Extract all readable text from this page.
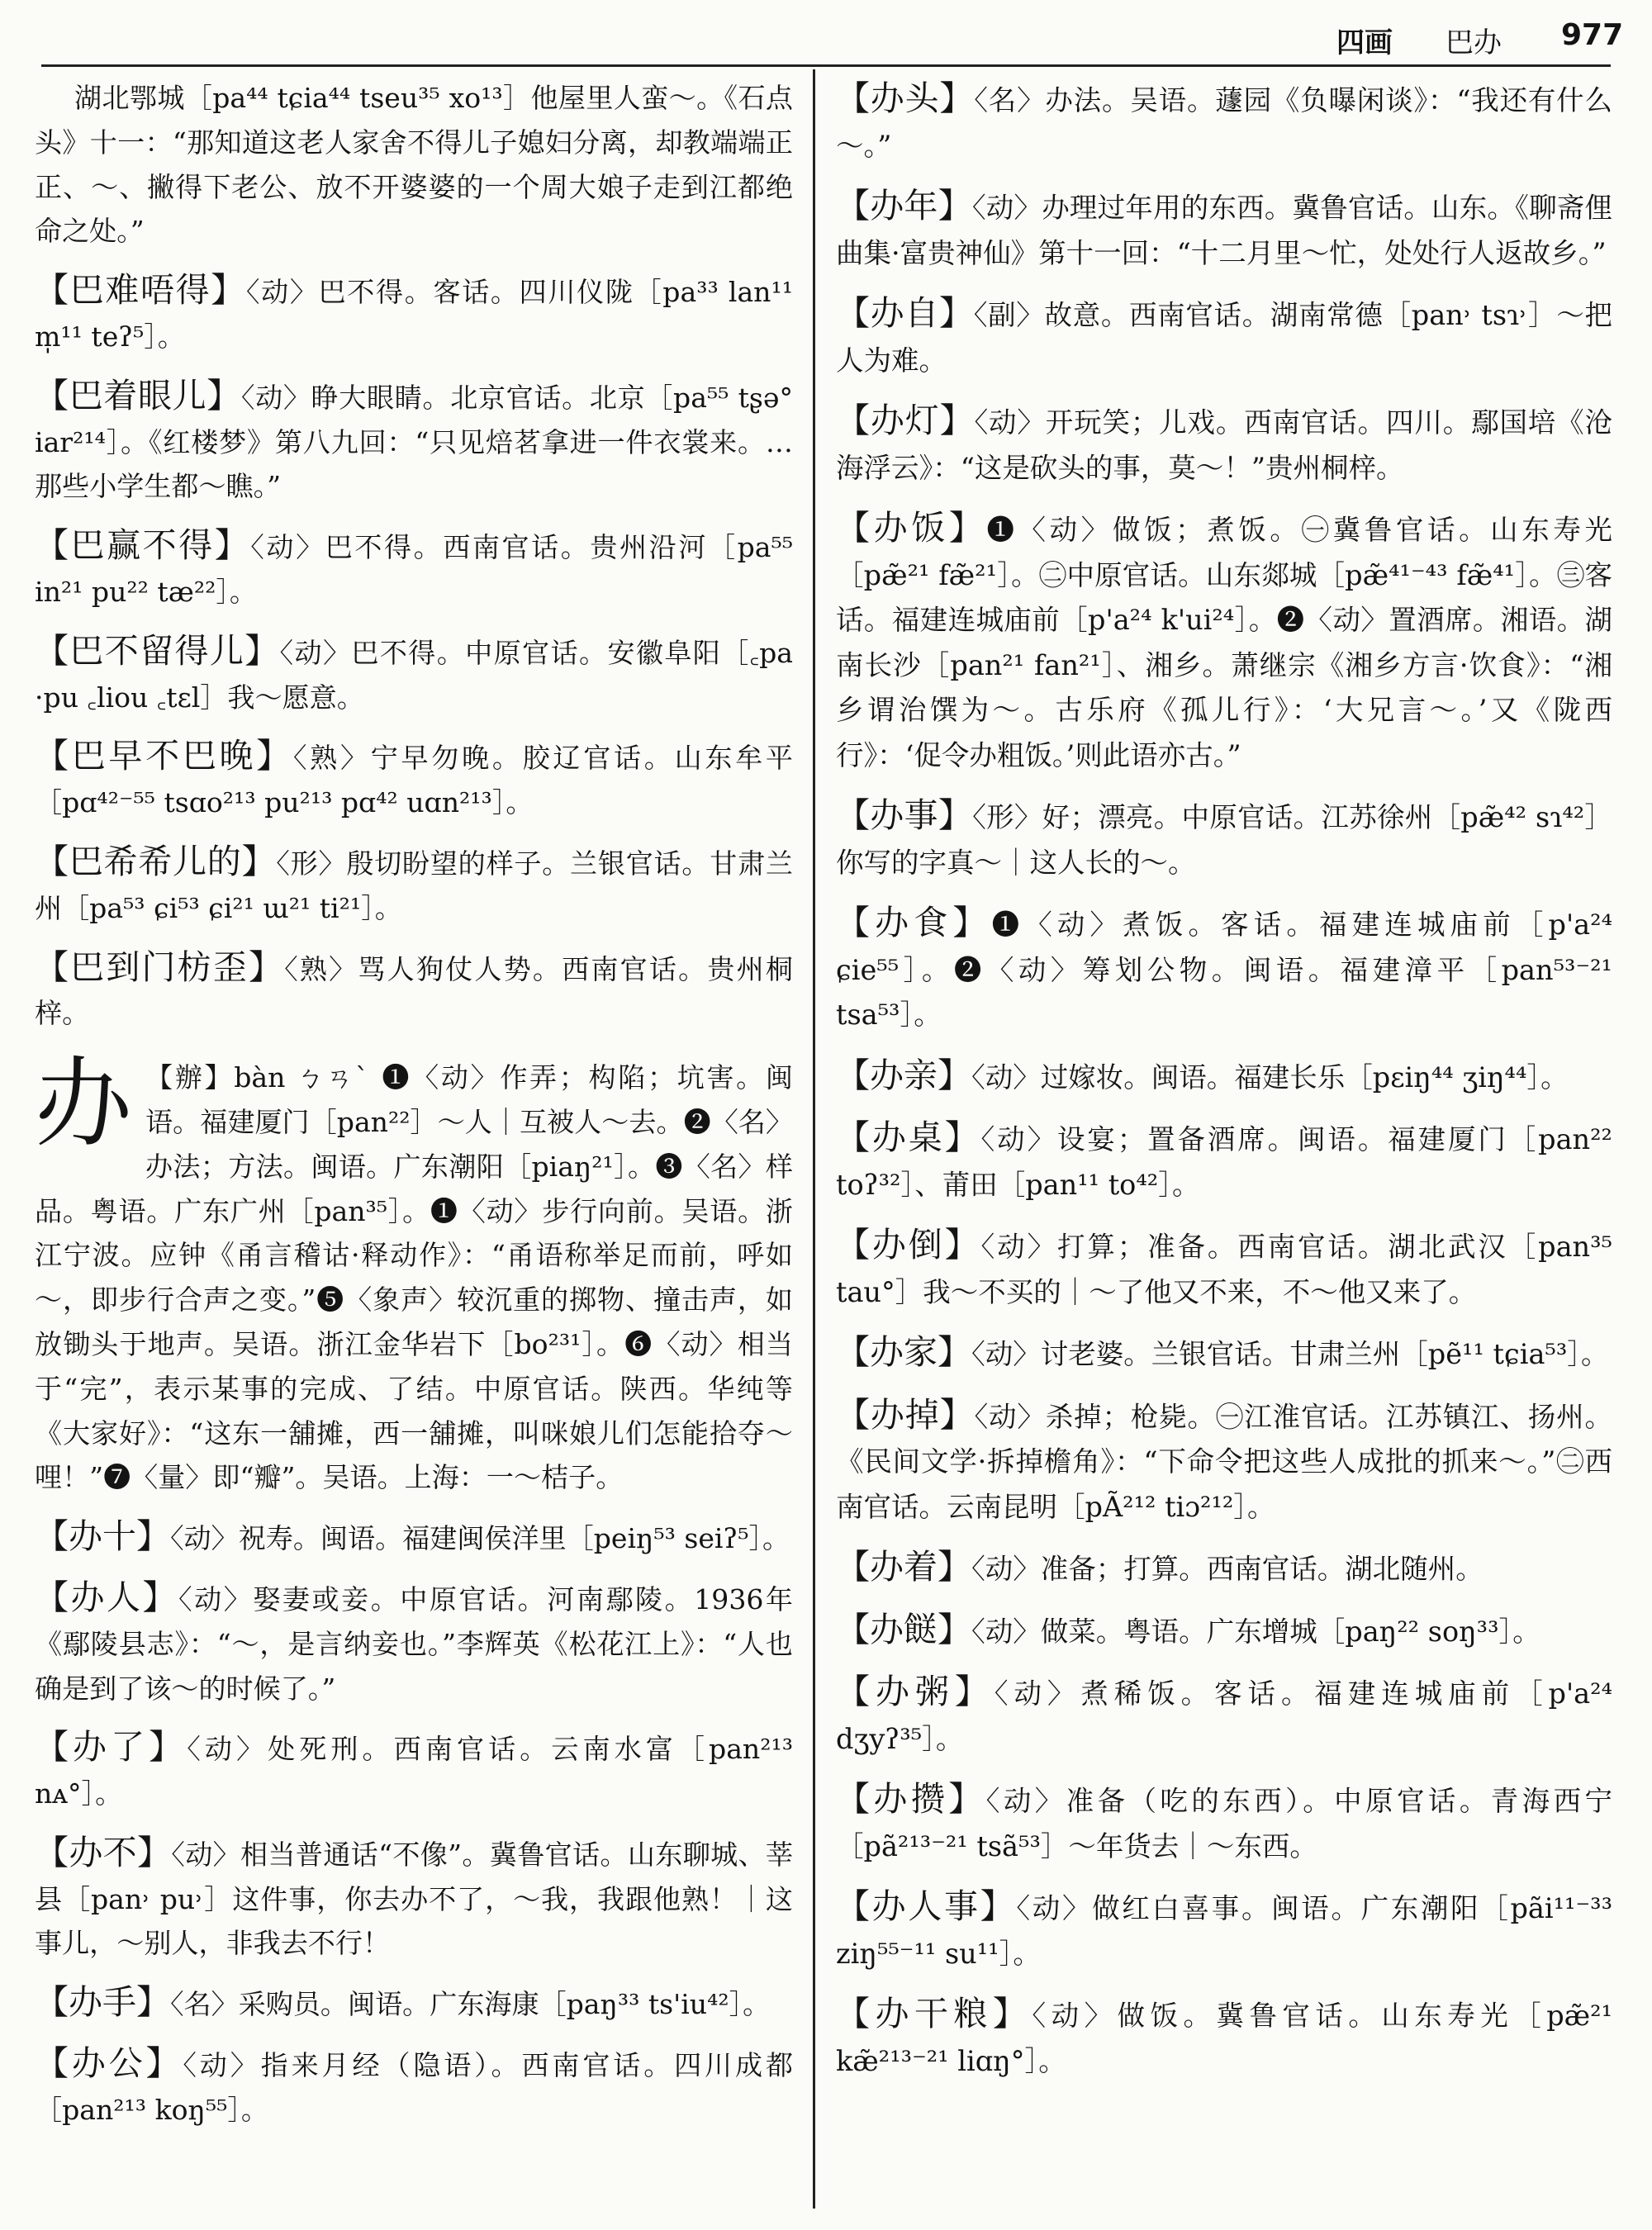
四画 巴办 977

湖北鄂城［pa⁴⁴ tɕia⁴⁴ tseu³⁵ xo¹³］他屋里人蛮～。《石点头》十一：“那知道这老人家舍不得儿子媳妇分离，却教端端正正、～、撇得下老公、放不开婆婆的一个周大娘子走到江都绝命之处。”

【巴难唔得】〈动〉巴不得。客话。四川仪陇［pa³³ lan¹¹ m̩¹¹ teʔ⁵］。

【巴着眼儿】〈动〉睁大眼睛。北京官话。北京［pa⁵⁵ tʂə° iar²¹⁴］。《红楼梦》第八九回：“只见焙茗拿进一件衣裳来。…那些小学生都～瞧。”

【巴赢不得】〈动〉巴不得。西南官话。贵州沿河［pa⁵⁵ in²¹ pu²² tæ²²］。

【巴不留得儿】〈动〉巴不得。中原官话。安徽阜阳［꜀pa ·pu ꜀liou ꜀tɛl］我～愿意。

【巴早不巴晚】〈熟〉宁早勿晚。胶辽官话。山东牟平［pɑ⁴²⁻⁵⁵ tsɑo²¹³ pu²¹³ pɑ⁴² uɑn²¹³］。

【巴希希儿的】〈形〉殷切盼望的样子。兰银官话。甘肃兰州［pa⁵³ ɕi⁵³ ɕi²¹ ɯ²¹ ti²¹］。

【巴到门枋歪】〈熟〉骂人狗仗人势。西南官话。贵州桐梓。

办 【辦】bàn ㄅㄢˋ ❶〈动〉作弄；构陷；坑害。闽语。福建厦门［pan²²］～人｜互被人～去。❷〈名〉办法；方法。闽语。广东潮阳［piaŋ²¹］。❸〈名〉样品。粤语。广东广州［pan³⁵］。❶〈动〉步行向前。吴语。浙江宁波。应钟《甬言稽诂·释动作》：“甬语称举足而前，呼如～，即步行合声之变。”❺〈象声〉较沉重的掷物、撞击声，如放锄头于地声。吴语。浙江金华岩下［bo²³¹］。❻〈动〉相当于“完”，表示某事的完成、了结。中原官话。陕西。华纯等《大家好》：“这东一舖摊，西一舖摊，叫咪娘儿们怎能拾夺～哩！”❼〈量〉即“瓣”。吴语。上海：一～桔子。

【办十】〈动〉祝寿。闽语。福建闽侯洋里［peiŋ⁵³ seiʔ⁵］。

【办人】〈动〉娶妻或妾。中原官话。河南鄢陵。1936年《鄢陵县志》：“～，是言纳妾也。”李辉英《松花江上》：“人也确是到了该～的时候了。”

【办了】〈动〉处死刑。西南官话。云南水富［pan²¹³ nᴀ°］。

【办不】〈动〉相当普通话“不像”。冀鲁官话。山东聊城、莘县［pan˒ pu˒］这件事，你去办不了，～我，我跟他熟！｜这事儿，～别人，非我去不行！

【办手】〈名〉采购员。闽语。广东海康［paŋ³³ ts'iu⁴²］。

【办公】〈动〉指来月经（隐语）。西南官话。四川成都［pan²¹³ koŋ⁵⁵］。

【办头】〈名〉办法。吴语。蘧园《负曝闲谈》：“我还有什么～。”

【办年】〈动〉办理过年用的东西。冀鲁官话。山东。《聊斋俚曲集·富贵神仙》第十一回：“十二月里～忙，处处行人返故乡。”

【办自】〈副〉故意。西南官话。湖南常德［pan˒ tsɿ˒］～把人为难。

【办灯】〈动〉开玩笑；儿戏。西南官话。四川。鄢国培《沧海浮云》：“这是砍头的事，莫～！”贵州桐梓。

【办饭】❶〈动〉做饭；煮饭。㊀冀鲁官话。山东寿光［pæ̃²¹ fæ̃²¹］。㊁中原官话。山东郯城［pæ̃⁴¹⁻⁴³ fæ̃⁴¹］。㊂客话。福建连城庙前［p'a²⁴ k'ui²⁴］。❷〈动〉置酒席。湘语。湖南长沙［pan²¹ fan²¹］、湘乡。萧继宗《湘乡方言·饮食》：“湘乡谓治馔为～。古乐府《孤儿行》：‘大兄言～。’又《陇西行》：‘促令办粗饭。’则此语亦古。”

【办事】〈形〉好；漂亮。中原官话。江苏徐州［pæ̃⁴² sɿ⁴²］你写的字真～｜这人长的～。

【办食】❶〈动〉煮饭。客话。福建连城庙前［p'a²⁴ ɕie⁵⁵］。❷〈动〉筹划公物。闽语。福建漳平［pan⁵³⁻²¹ tsa⁵³］。

【办亲】〈动〉过嫁妆。闽语。福建长乐［pɛiŋ⁴⁴ ʒiŋ⁴⁴］。

【办桌】〈动〉设宴；置备酒席。闽语。福建厦门［pan²² toʔ³²］、莆田［pan¹¹ to⁴²］。

【办倒】〈动〉打算；准备。西南官话。湖北武汉［pan³⁵ tau°］我～不买的｜～了他又不来，不～他又来了。

【办家】〈动〉讨老婆。兰银官话。甘肃兰州［pẽ¹¹ tɕia⁵³］。

【办掉】〈动〉杀掉；枪毙。㊀江淮官话。江苏镇江、扬州。《民间文学·拆掉檐角》：“下命令把这些人成批的抓来～。”㊁西南官话。云南昆明［pÃ²¹² tiɔ²¹²］。

【办着】〈动〉准备；打算。西南官话。湖北随州。

【办餸】〈动〉做菜。粤语。广东增城［paŋ²² soŋ³³］。

【办粥】〈动〉煮稀饭。客话。福建连城庙前［p'a²⁴ dʒyʔ³⁵］。

【办攒】〈动〉准备（吃的东西）。中原官话。青海西宁［pã²¹³⁻²¹ tsã⁵³］～年货去｜～东西。

【办人事】〈动〉做红白喜事。闽语。广东潮阳［pãi¹¹⁻³³ ziŋ⁵⁵⁻¹¹ su¹¹］。

【办干粮】〈动〉做饭。冀鲁官话。山东寿光［pæ̃²¹ kæ̃²¹³⁻²¹ liɑŋ°］。
